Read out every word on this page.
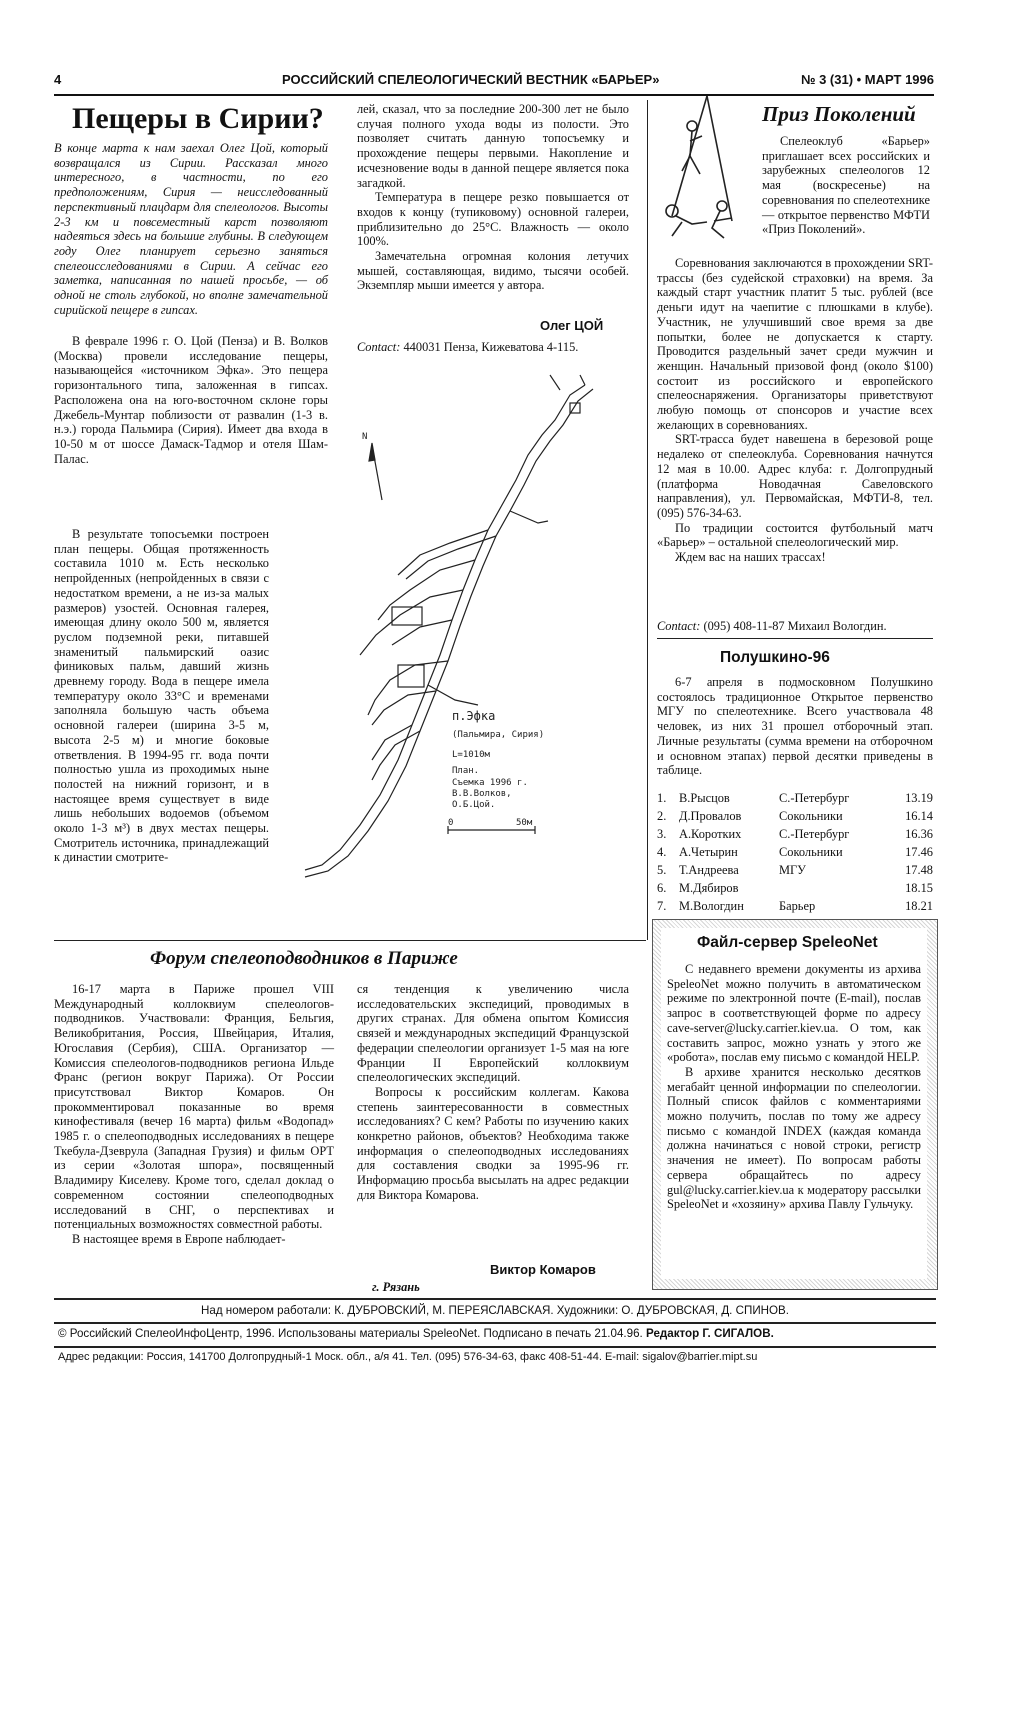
4	РОССИЙСКИЙ СПЕЛЕОЛОГИЧЕСКИЙ ВЕСТНИК «БАРЬЕР»	№ 3 (31) • МАРТ 1996
Пещеры в Сирии?
В конце марта к нам заехал Олег Цой, который возвращался из Сирии. Рассказал много интересного, в частности, по его предположениям, Сирия — неисследованный перспективный плацдарм для спелеологов. Высоты 2-3 км и повсеместный карст позволяют надеяться здесь на большие глубины. В следующем году Олег планирует серьезно заняться спелеоисследованиями в Сирии. А сейчас его заметка, написанная по нашей просьбе, — об одной не столь глубокой, но вполне замечательной сирийской пещере в гипсах.

В феврале 1996 г. О. Цой (Пенза) и В. Волков (Москва) провели исследование пещеры, называющейся «источником Эфка». Это пещера горизонтального типа, заложенная в гипсах. Расположена она на юго-восточном склоне горы Джебель-Мунтар поблизости от развалин (1-3 в. н.э.) города Пальмира (Сирия). Имеет два входа в 10-50 м от шоссе Дамаск-Тадмор и отеля Шам-Палас.

В результате топосъемки построен план пещеры. Общая протяженность составила 1010 м. Есть несколько непройденных (непройденных в связи с недостатком времени, а не из-за малых размеров) узостей. Основная галерея, имеющая длину около 500 м, является руслом подземной реки, питавшей знаменитый пальмирский оазис финиковых пальм, давший жизнь древнему городу. Вода в пещере имела температуру около 33°С и временами заполняла большую часть объема основной галереи (ширина 3-5 м, высота 2-5 м) и многие боковые ответвления. В 1994-95 гг. вода почти полностью ушла из проходимых ныне полостей на нижний горизонт, и в настоящее время существует в виде лишь небольших водоемов (объемом около 1-3 м³) в двух местах пещеры. Смотритель источника, принадлежащий к династии смотрите-

лей, сказал, что за последние 200-300 лет не было случая полного ухода воды из полости. Это позволяет считать данную топосъемку и прохождение пещеры первыми. Накопление и исчезновение воды в данной пещере является пока загадкой.

Температура в пещере резко повышается от входов к концу (тупиковому) основной галереи, приблизительно до 25°С. Влажность — около 100%.

Замечательна огромная колония летучих мышей, составляющая, видимо, тысячи особей. Экземпляр мыши имеется у автора.

Олег ЦОЙ
Contact: 440031 Пенза, Кижеватова 4-115.
п.Эфка
(Пальмира, Сирия)
L=1010м
План.
Съемка 1996 г.
В.В.Волков,
О.Б.Цой.
N
0	50м
Приз Поколений

Спелеоклуб «Барьер» приглашает всех российских и зарубежных спелеологов 12 мая (воскресенье) на соревнования по спелеотехнике — открытое первенство МФТИ «Приз Поколений».

Соревнования заключаются в прохождении SRT-трассы (без судейской страховки) на время. За каждый старт участник платит 5 тыс. рублей (все деньги идут на чаепитие с плюшками в клубе). Участник, не улучшивший свое время за две попытки, более не допускается к старту. Проводится раздельный зачет среди мужчин и женщин. Начальный призовой фонд (около $100) состоит из российского и европейского спелеоснаряжения. Организаторы приветствуют любую помощь от спонсоров и участие всех желающих в соревнованиях.

SRT-трасса будет навешена в березовой роще недалеко от спелеоклуба. Соревнования начнутся 12 мая в 10.00. Адрес клуба: г. Долгопрудный (платформа Новодачная Савеловского направления), ул. Первомайская, МФТИ-8, тел. (095) 576-34-63.

По традиции состоится футбольный матч «Барьер» – остальной спелеологический мир.

Ждем вас на наших трассах!

Contact: (095) 408-11-87 Михаил Вологдин.
Полушкино-96

6-7 апреля в подмосковном Полушкино состоялось традиционное Открытое первенство МГУ по спелеотехнике. Всего участвовала 48 человек, из них 31 прошел отборочный этап. Личные результаты (сумма времени на отборочном и основном этапах) первой десятки приведены в таблице.

1.	В.Рысцов	С.-Петербург	13.19
2.	Д.Провалов	Сокольники	16.14
3.	А.Коротких	С.-Петербург	16.36
4.	А.Четырин	Сокольники	17.46
5.	Т.Андреева	МГУ	17.48
6.	М.Дябиров		18.15
7.	М.Вологдин	Барьер	18.21
Файл-сервер SpeleoNet

С недавнего времени документы из архива SpeleoNet можно получить в автоматическом режиме по электронной почте (E-mail), послав запрос в соответствующей форме по адресу cave-server@lucky.carrier.kiev.ua. О том, как составить запрос, можно узнать у этого же «робота», послав ему письмо с командой HELP.

В архиве хранится несколько десятков мегабайт ценной информации по спелеологии. Полный список файлов с комментариями можно получить, послав по тому же адресу письмо с командой INDEX (каждая команда должна начинаться с новой строки, регистр значения не имеет). По вопросам работы сервера обращайтесь по адресу gul@lucky.carrier.kiev.ua к модератору рассылки SpeleoNet и «хозяину» архива Павлу Гульчуку.

Форум спелеоподводников в Париже

16-17 марта в Париже прошел VIII Международный коллоквиум спелеологов-подводников. Участвовали: Франция, Бельгия, Великобритания, Россия, Швейцария, Италия, Югославия (Сербия), США. Организатор — Комиссия спелеологов-подводников региона Ильде Франс (регион вокруг Парижа). От России присутствовал Виктор Комаров. Он прокомментировал показанные во время кинофестиваля (вечер 16 марта) фильм «Водопад» 1985 г. о спелеоподводных исследованиях в пещере Ткебула-Дзеврула (Западная Грузия) и фильм ОРТ из серии «Золотая шпора», посвященный Владимиру Киселеву. Кроме того, сделал доклад о современном состоянии спелеоподводных исследований в СНГ, о перспективах и потенциальных возможностях совместной работы.

В настоящее время в Европе наблюдает-

ся тенденция к увеличению числа исследовательских экспедиций, проводимых в других странах. Для обмена опытом Комиссия связей и международных экспедиций Французской федерации спелеологии организует 1-5 мая на юге Франции II Европейский коллоквиум спелеологических экспедиций.

Вопросы к российским коллегам. Какова степень заинтересованности в совместных исследованиях? С кем? Работы по изучению каких конкретно районов, объектов? Необходима также информация о спелеоподводных исследованиях для составления сводки за 1995-96 гг. Информацию просьба высылать на адрес редакции для Виктора Комарова.

Виктор Комаров
г. Рязань
Над номером работали: К. ДУБРОВСКИЙ, М. ПЕРЕЯСЛАВСКАЯ. Художники: О. ДУБРОВСКАЯ, Д. СПИНОВ.
© Российский СпелеоИнфоЦентр, 1996. Использованы материалы SpeleoNet. Подписано в печать 21.04.96. Редактор Г. СИГАЛОВ.
Адрес редакции: Россия, 141700 Долгопрудный-1 Моск. обл., а/я 41. Тел. (095) 576-34-63, факс 408-51-44. E-mail: sigalov@barrier.mipt.su
